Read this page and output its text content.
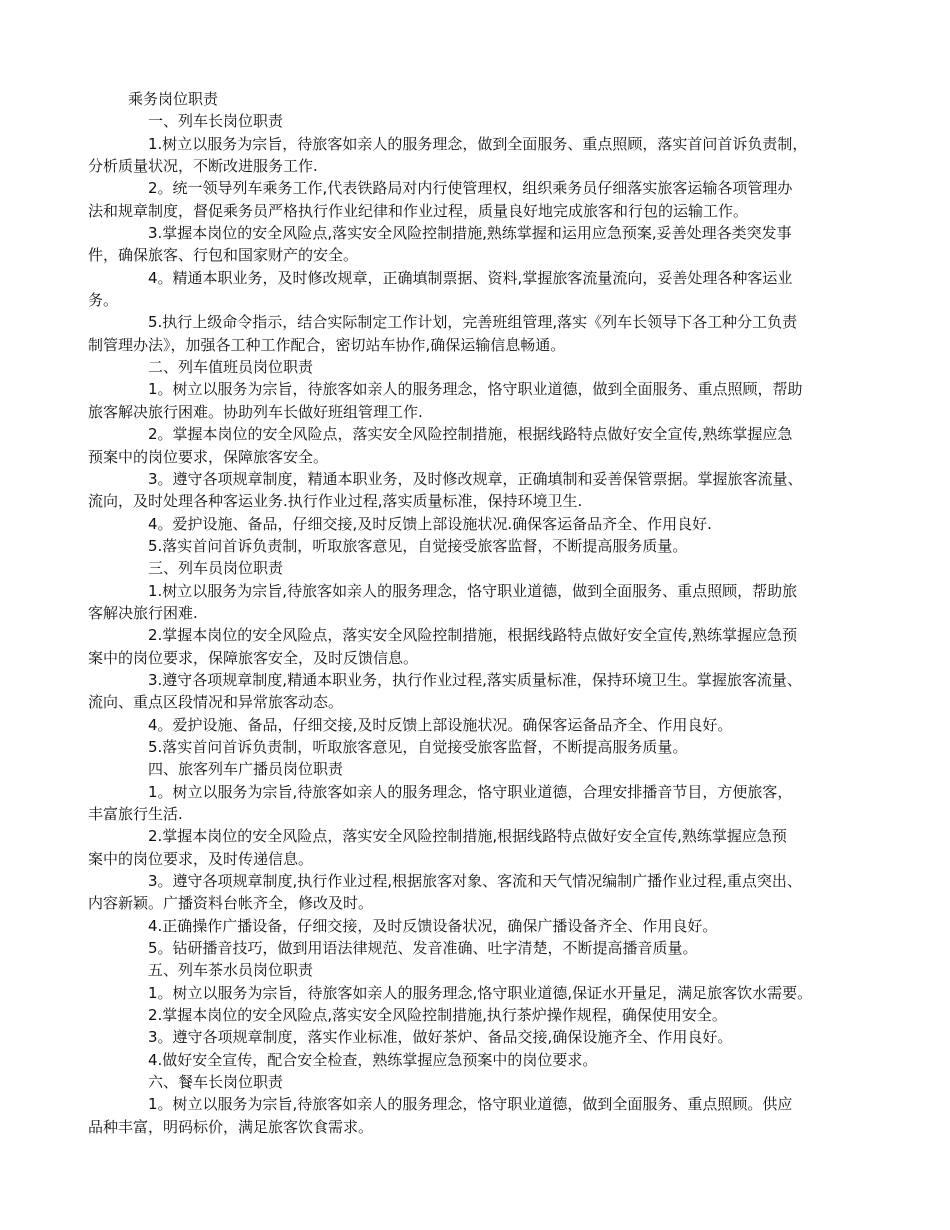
乘务岗位职责
一、列车长岗位职责
1.树立以服务为宗旨，待旅客如亲人的服务理念，做到全面服务、重点照顾，落实首问首诉负责制，
分析质量状况，不断改进服务工作.
2。统一领导列车乘务工作,代表铁路局对内行使管理权，组织乘务员仔细落实旅客运输各项管理办
法和规章制度，督促乘务员严格执行作业纪律和作业过程，质量良好地完成旅客和行包的运输工作。
3.掌握本岗位的安全风险点,落实安全风险控制措施,熟练掌握和运用应急预案,妥善处理各类突发事
件，确保旅客、行包和国家财产的安全。
4。精通本职业务，及时修改规章，正确填制票据、资料,掌握旅客流量流向，妥善处理各种客运业
务。
5.执行上级命令指示，结合实际制定工作计划，完善班组管理,落实《列车长领导下各工种分工负责
制管理办法》，加强各工种工作配合，密切站车协作,确保运输信息畅通。
二、列车值班员岗位职责
1。树立以服务为宗旨，待旅客如亲人的服务理念，恪守职业道德，做到全面服务、重点照顾，帮助
旅客解决旅行困难。协助列车长做好班组管理工作.
2。掌握本岗位的安全风险点，落实安全风险控制措施，根据线路特点做好安全宣传,熟练掌握应急
预案中的岗位要求，保障旅客安全。
3。遵守各项规章制度，精通本职业务，及时修改规章，正确填制和妥善保管票据。掌握旅客流量、
流向，及时处理各种客运业务.执行作业过程,落实质量标准，保持环境卫生.
4。爱护设施、备品，仔细交接,及时反馈上部设施状况.确保客运备品齐全、作用良好.
5.落实首问首诉负责制，听取旅客意见，自觉接受旅客监督，不断提高服务质量。
三、列车员岗位职责
1.树立以服务为宗旨,待旅客如亲人的服务理念，恪守职业道德，做到全面服务、重点照顾，帮助旅
客解决旅行困难.
2.掌握本岗位的安全风险点，落实安全风险控制措施，根据线路特点做好安全宣传,熟练掌握应急预
案中的岗位要求，保障旅客安全，及时反馈信息。
3.遵守各项规章制度,精通本职业务，执行作业过程,落实质量标准，保持环境卫生。掌握旅客流量、
流向、重点区段情况和异常旅客动态。
4。爱护设施、备品，仔细交接,及时反馈上部设施状况。确保客运备品齐全、作用良好。
5.落实首问首诉负责制，听取旅客意见，自觉接受旅客监督，不断提高服务质量。
四、旅客列车广播员岗位职责
1。树立以服务为宗旨,待旅客如亲人的服务理念，恪守职业道德，合理安排播音节目，方便旅客，
丰富旅行生活.
2.掌握本岗位的安全风险点，落实安全风险控制措施,根据线路特点做好安全宣传,熟练掌握应急预
案中的岗位要求，及时传递信息。
3。遵守各项规章制度,执行作业过程,根据旅客对象、客流和天气情况编制广播作业过程,重点突出、
内容新颖。广播资料台帐齐全，修改及时。
4.正确操作广播设备，仔细交接，及时反馈设备状况，确保广播设备齐全、作用良好。
5。钻研播音技巧，做到用语法律规范、发音准确、吐字清楚，不断提高播音质量。
五、列车茶水员岗位职责
1。树立以服务为宗旨，待旅客如亲人的服务理念,恪守职业道德,保证水开量足，满足旅客饮水需要。
2.掌握本岗位的安全风险点,落实安全风险控制措施,执行茶炉操作规程，确保使用安全。
3。遵守各项规章制度，落实作业标准，做好茶炉、备品交接,确保设施齐全、作用良好。
4.做好安全宣传，配合安全检查，熟练掌握应急预案中的岗位要求。
六、餐车长岗位职责
1。树立以服务为宗旨,待旅客如亲人的服务理念，恪守职业道德，做到全面服务、重点照顾。供应
品种丰富，明码标价，满足旅客饮食需求。
